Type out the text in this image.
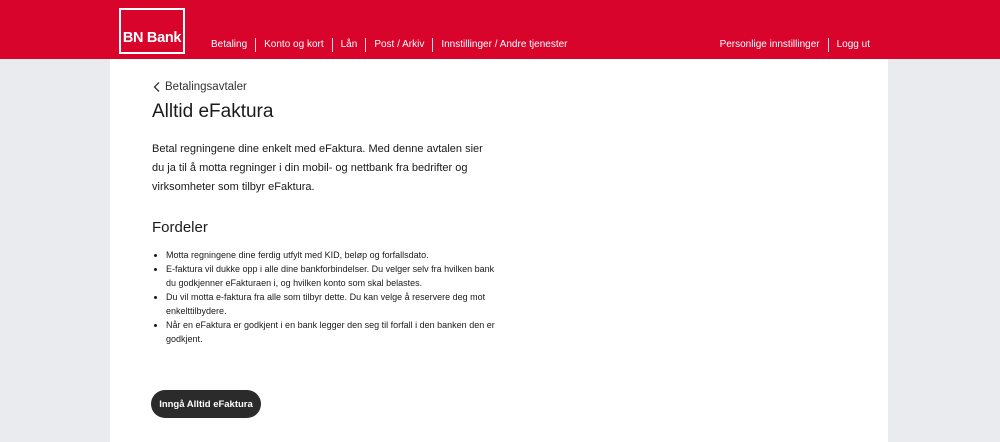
BN Bank	Betaling	Konto og kort	Lån	Post / Arkiv	Innstillinger / Andre tjenester	Personlige innstillinger	Logg ut
Betalingsavtaler
Alltid eFaktura

Betal regningene dine enkelt med eFaktura. Med denne avtalen sier du ja til å motta regninger i din mobil- og nettbank fra bedrifter og virksomheter som tilbyr eFaktura.

Fordeler
• Motta regningene dine ferdig utfylt med KID, beløp og forfallsdato.
• E-faktura vil dukke opp i alle dine bankforbindelser. Du velger selv fra hvilken bank du godkjenner eFakturaen i, og hvilken konto som skal belastes.
• Du vil motta e-faktura fra alle som tilbyr dette. Du kan velge å reservere deg mot enkelttilbydere.
• Når en eFaktura er godkjent i en bank legger den seg til forfall i den banken den er godkjent.
Inngå Alltid eFaktura
